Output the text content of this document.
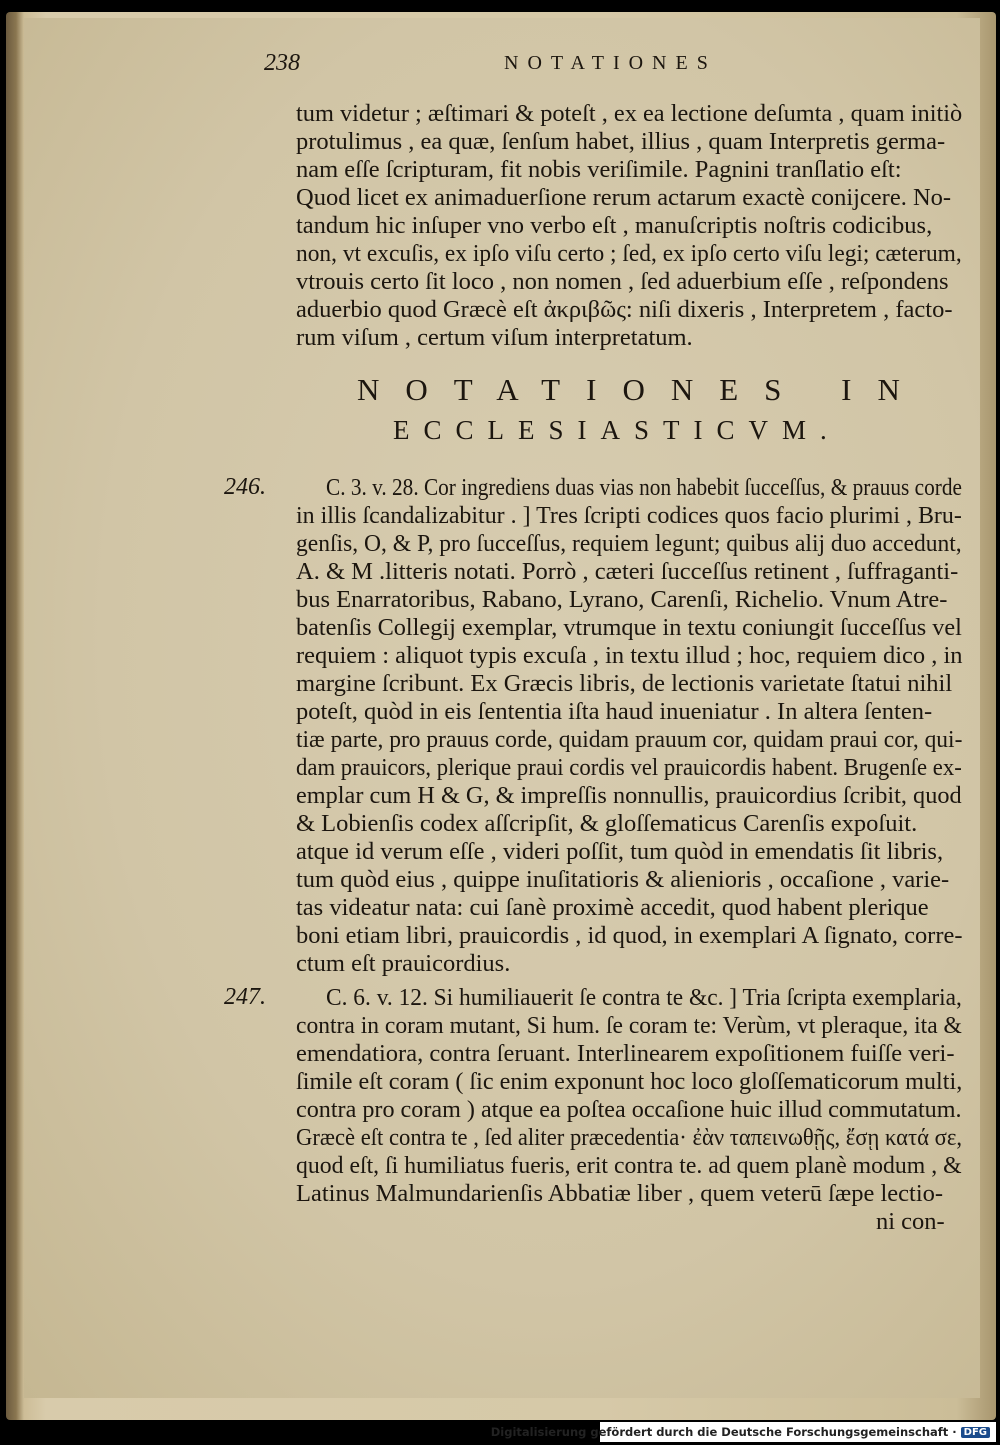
238	NOTATIONES
tum videtur ; æſtimari & poteſt , ex ea lectione deſumta , quam initiò
protulimus , ea quæ, ſenſum habet, illius , quam Interpretis germa-
nam eſſe ſcripturam, fit nobis veriſimile. Pagnini tranſlatio eſt:
Quod licet ex animaduerſione rerum actarum exactè conijcere. No-
tandum hic inſuper vno verbo eſt , manuſcriptis noſtris codicibus,
non, vt excuſis, ex ipſo viſu certo ; ſed, ex ipſo certo viſu legi; cæterum,
vtrouis certo ſit loco , non nomen , ſed aduerbium eſſe , reſpondens
aduerbio quod Græcè eſt ἀκριβῶς: niſi dixeris , Interpretem , facto-
rum viſum , certum viſum interpretatum.
NOTATIONES IN
ECCLESIASTICVM.
246. C. 3. v. 28. Cor ingrediens duas vias non habebit ſucceſſus, & prauus corde
in illis ſcandalizabitur . ] Tres ſcripti codices quos facio plurimi , Bru-
genſis, O, & P, pro ſucceſſus, requiem legunt; quibus alij duo accedunt,
A. & M .litteris notati. Porrò , cæteri ſucceſſus retinent , ſuffraganti-
bus Enarratoribus, Rabano, Lyrano, Carenſi, Richelio. Vnum Atre-
batenſis Collegij exemplar, vtrumque in textu coniungit ſucceſſus vel
requiem : aliquot typis excuſa , in textu illud ; hoc, requiem dico , in
margine ſcribunt. Ex Græcis libris, de lectionis varietate ſtatui nihil
poteſt, quòd in eis ſententia iſta haud inueniatur . In altera ſenten-
tiæ parte, pro prauus corde, quidam prauum cor, quidam praui cor, qui-
dam prauicors, plerique praui cordis vel prauicordis habent. Brugenſe ex-
emplar cum H & G, & impreſſis nonnullis, prauicordius ſcribit, quod
& Lobienſis codex aſſcripſit, & gloſſematicus Carenſis expoſuit.
atque id verum eſſe , videri poſſit, tum quòd in emendatis ſit libris,
tum quòd eius , quippe inuſitatioris & alienioris , occaſione , varie-
tas videatur nata: cui ſanè proximè accedit, quod habent plerique
boni etiam libri, prauicordis , id quod, in exemplari A ſignato, corre-
ctum eſt prauicordius.
247. C. 6. v. 12. Si humiliauerit ſe contra te &c. ] Tria ſcripta exemplaria,
contra in coram mutant, Si hum. ſe coram te: Verùm, vt pleraque, ita &
emendatiora, contra ſeruant. Interlinearem expoſitionem fuiſſe veri-
ſimile eſt coram ( ſic enim exponunt hoc loco gloſſematicorum multi,
contra pro coram ) atque ea poſtea occaſione huic illud commutatum.
Græcè eſt contra te , ſed aliter præcedentia· ἐὰν ταπεινωθῇς, ἔσῃ κατά σε,
quod eſt, ſi humiliatus fueris, erit contra te. ad quem planè modum , &
Latinus Malmundarienſis Abbatiæ liber , quem veterū ſæpe lectio-
ni con-
Digitalisierung gefördert durch die Deutsche Forschungsgemeinschaft · DFG
